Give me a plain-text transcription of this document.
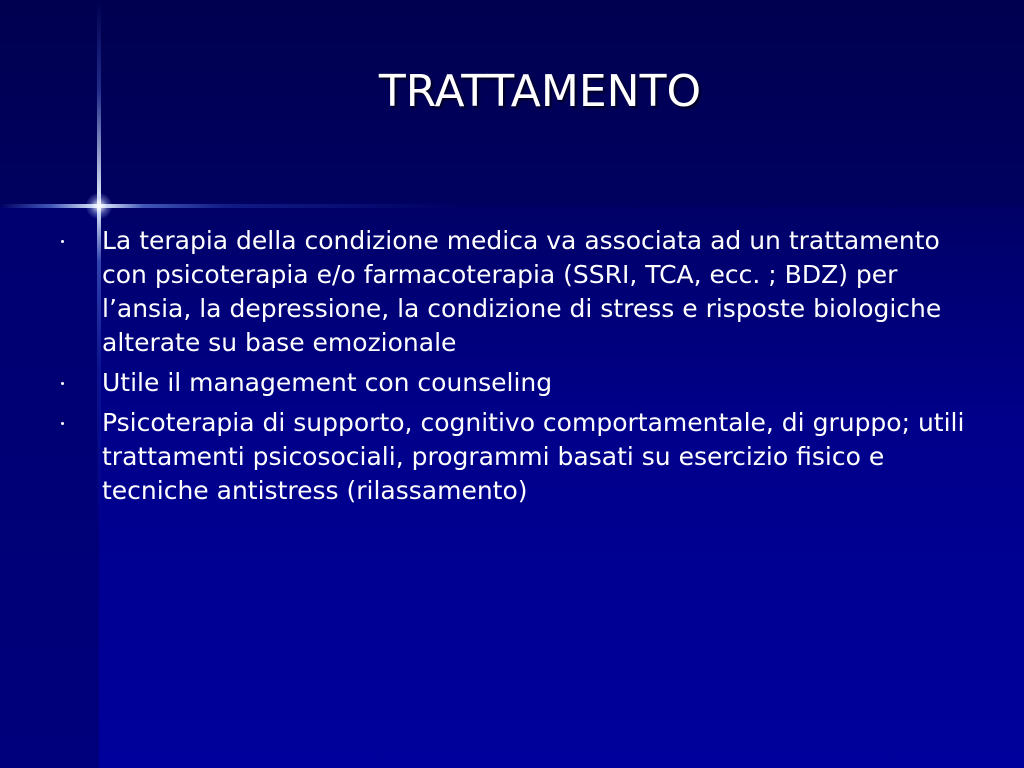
TRATTAMENTO
La terapia della condizione medica va associata ad un trattamento con psicoterapia e/o farmacoterapia (SSRI, TCA, ecc. ; BDZ) per l’ansia, la depressione, la condizione di stress e risposte biologiche alterate su base emozionale
Utile il management con counseling
Psicoterapia di supporto, cognitivo comportamentale, di gruppo; utili trattamenti psicosociali, programmi basati su esercizio fisico e tecniche antistress (rilassamento)
